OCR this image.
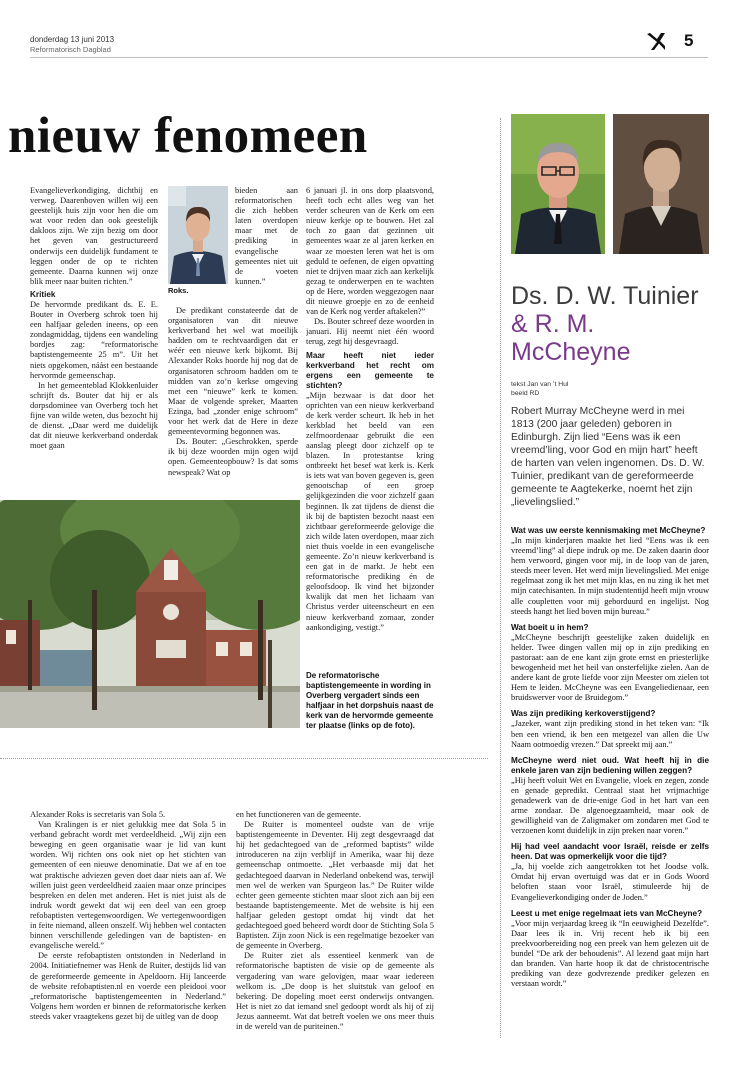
donderdag 13 juni 2013
Reformatorisch Dagblad	5
nieuw fenomeen

Evangelieverkondiging, dichtbij en verweg. Daarenboven willen wij een geestelijk huis zijn voor hen die om wat voor reden dan ook geestelijk dakloos zijn. We zijn bezig om door het geven van gestructureerd onderwijs een duidelijk fundament te leggen onder de op te richten gemeente. Daarna kunnen wij onze blik meer naar buiten richten.”

Kritiek

De hervormde predikant ds. E. E. Bouter in Overberg schrok toen hij een halfjaar geleden ineens, op een zondagmiddag, tijdens een wandeling bordjes zag: “reformatorische baptistengemeente 25 m”. Uit het niets opgekomen, náást een bestaande hervormde gemeenschap.

In het gemeenteblad Klokkenluider schrijft ds. Bouter dat hij er als dorpsdominee van Overberg toch het fijne van wilde weten, dus bezocht hij de dienst. „Daar werd me duidelijk dat dit nieuwe kerkverband onderdak moet gaan

Roks.

bieden aan reformatorischen die zich hebben laten overdopen maar met de prediking in evangelische gemeentes niet uit de voeten kunnen.”

De predikant constateerde dat de organisatoren van dit nieuwe kerkverband het wel wat moeilijk hadden om te rechtvaardigen dat er wéér een nieuwe kerk bijkomt. Bij Alexander Roks hoorde hij nog dat de organisatoren schroom hadden om te midden van zo’n kerkse omgeving met een “nieuwe” kerk te komen. Maar de volgende spreker, Maarten Ezinga, bad „zonder enige schroom” voor het werk dat de Here in deze gemeentevorming begonnen was.

Ds. Bouter: „Geschrokken, sperde ik bij deze woorden mijn ogen wijd open. Gemeenteopbouw? Is dat soms newspeak? Wat op

6 januari jl. in ons dorp plaatsvond, heeft toch echt alles weg van het verder scheuren van de Kerk om een nieuw kerkje op te bouwen. Het zal toch zo gaan dat gezinnen uit gemeentes waar ze al jaren kerken en waar ze moesten leren wat het is om geduld te oefenen, de eigen opvatting niet te drijven maar zich aan kerkelijk gezag te onderwerpen en te wachten op de Here, worden weggezogen naar dit nieuwe groepje en zo de eenheid van de Kerk nog verder aftakelen?”

Ds. Bouter schreef deze woorden in januari. Hij neemt niet één woord terug, zegt hij desgevraagd.

Maar heeft niet ieder kerkverband het recht om ergens een gemeente te stichten?

„Mijn bezwaar is dat door het oprichten van een nieuw kerkverband de kerk verder scheurt. Ik heb in het kerkblad het beeld van een zelfmoordenaar gebruikt die een aanslag pleegt door zichzelf op te blazen. In protestantse kring ontbreekt het besef wat kerk is. Kerk is iets wat van boven gegeven is, geen genootschap of een groep gelijkgezinden die voor zichzelf gaan beginnen. Ik zat tijdens de dienst die ik bij de baptisten bezocht naast een zichtbaar gereformeerde gelovige die zich wilde laten overdopen, maar zich niet thuis voelde in een evangelische gemeente. Zo’n nieuw kerkverband is een gat in de markt. Je hebt een reformatorische prediking én de geloofsdoop. Ik vind het bijzonder kwalijk dat men het lichaam van Christus verder uiteenscheurt en een nieuw kerkverband zomaar, zonder aankondiging, vestigt.”

De reformatorische baptistengemeente in wording in Overberg vergadert sinds een halfjaar in het dorpshuis naast de kerk van de hervormde gemeente ter plaatse (links op de foto).

Alexander Roks is secretaris van Sola 5.

Van Kralingen is er niet gelukkig mee dat Sola 5 in verband gebracht wordt met verdeeldheid. „Wij zijn een beweging en geen organisatie waar je lid van kunt worden. Wij richten ons ook niet op het stichten van gemeenten of een nieuwe denominatie. Dat we af en toe wat praktische adviezen geven doet daar niets aan af. We willen juist geen verdeeldheid zaaien maar onze principes bespreken en delen met anderen. Het is niet juist als de indruk wordt gewekt dat wij een deel van een groep refobaptisten vertegenwoordigen. We vertegenwoordigen in feite niemand, alleen onszelf. Wij hebben wel contacten binnen verschillende geledingen van de baptisten- en evangelische wereld.”

De eerste refobaptisten ontstonden in Nederland in 2004. Initiatiefnemer was Henk de Ruiter, destijds lid van de gereformeerde gemeente in Apeldoorn. Hij lanceerde de website refobaptisten.nl en voerde een pleidooi voor „reformatorische baptistengemeenten in Nederland.” Volgens hem worden er binnen de reformatorische kerken steeds vaker vraagtekens gezet bij de uitleg van de doop

en het functioneren van de gemeente.

De Ruiter is momenteel oudste van de vrije baptistengemeente in Deventer. Hij zegt desgevraagd dat hij het gedachtegoed van de „reformed baptists” wilde introduceren na zijn verblijf in Amerika, waar hij deze gemeenschap ontmoette. „Het verbaasde mij dat het gedachtegoed daarvan in Nederland onbekend was, terwijl men wel de werken van Spurgeon las.” De Ruiter wilde echter geen gemeente stichten maar sloot zich aan bij een bestaande baptistengemeente. Met de website is hij een halfjaar geleden gestopt omdat hij vindt dat het gedachtegoed goed beheerd wordt door de Stichting Sola 5 Baptisten. Zijn zoon Nick is een regelmatige bezoeker van de gemeente in Overberg.

De Ruiter ziet als essentieel kenmerk van de reformatorische baptisten de visie op de gemeente als vergadering van ware gelovigen, maar waar iedereen welkom is. „De doop is het sluitstuk van geloof en bekering. De dopeling moet eerst onderwijs ontvangen. Het is niet zo dat iemand snel gedoopt wordt als hij of zij Jezus aanneemt. Wat dat betreft voelen we ons meer thuis in de wereld van de puriteinen.”

Ds. D. W. Tuinier & R. M. McCheyne
tekst Jan van ’t Hul
beeld RD
Robert Murray McCheyne werd in mei 1813 (200 jaar geleden) geboren in Edinburgh. Zijn lied “Eens was ik een vreemd’ling, voor God en mijn hart” heeft de harten van velen ingenomen. Ds. D. W. Tuinier, predikant van de gereformeerde gemeente te Aagtekerke, noemt het zijn „lievelingslied.”
Wat was uw eerste kennismaking met McCheyne?

„In mijn kinderjaren maakte het lied “Eens was ik een vreemd’ling” al diepe indruk op me. De zaken daarin door hem verwoord, gingen voor mij, in de loop van de jaren, steeds meer leven. Het werd mijn lievelingslied. Met enige regelmaat zong ik het met mijn klas, en nu zing ik het met mijn catechisanten. In mijn studententijd heeft mijn vrouw alle coupletten voor mij geborduurd en ingelijst. Nog steeds hangt het lied boven mijn bureau.”

Wat boeit u in hem?

„McCheyne beschrijft geestelijke zaken duidelijk en helder. Twee dingen vallen mij op in zijn prediking en pastoraat: aan de ene kant zijn grote ernst en priesterlijke bewogenheid met het heil van onsterfelijke zielen. Aan de andere kant de grote liefde voor zijn Meester om zielen tot Hem te leiden. McCheyne was een Evangeliedienaar, een bruidswerver voor de Bruidegom.”

Was zijn prediking kerkoverstijgend?

„Jazeker, want zijn prediking stond in het teken van: “Ik ben een vriend, ik ben een metgezel van allen die Uw Naam ootmoedig vrezen.” Dat spreekt mij aan.”

McCheyne werd niet oud. Wat heeft hij in die enkele jaren van zijn bediening willen zeggen?

„Hij heeft voluit Wet en Evangelie, vloek en zegen, zonde en genade gepredikt. Centraal staat het vrijmachtige genadewerk van de drie-enige God in het hart van een arme zondaar. De algenoegzaamheid, maar ook de gewilligheid van de Zaligmaker om zondaren met God te verzoenen komt duidelijk in zijn preken naar voren.”

Hij had veel aandacht voor Israël, reisde er zelfs heen. Dat was opmerkelijk voor die tijd?

„Ja, hij voelde zich aangetrokken tot het Joodse volk. Omdat hij ervan overtuigd was dat er in Gods Woord beloften staan voor Israël, stimuleerde hij de Evangelieverkondiging onder de Joden.”

Leest u met enige regelmaat iets van McCheyne?

„Voor mijn verjaardag kreeg ik “In eeuwigheid Dezelfde”. Daar lees ik in. Vrij recent heb ik bij een preekvoorbereiding nog een preek van hem gelezen uit de bundel “De ark der behoudenis”. Al lezend gaat mijn hart dan branden. Van harte hoop ik dat de christocentrische prediking van deze godvrezende prediker gelezen en verstaan wordt.”
